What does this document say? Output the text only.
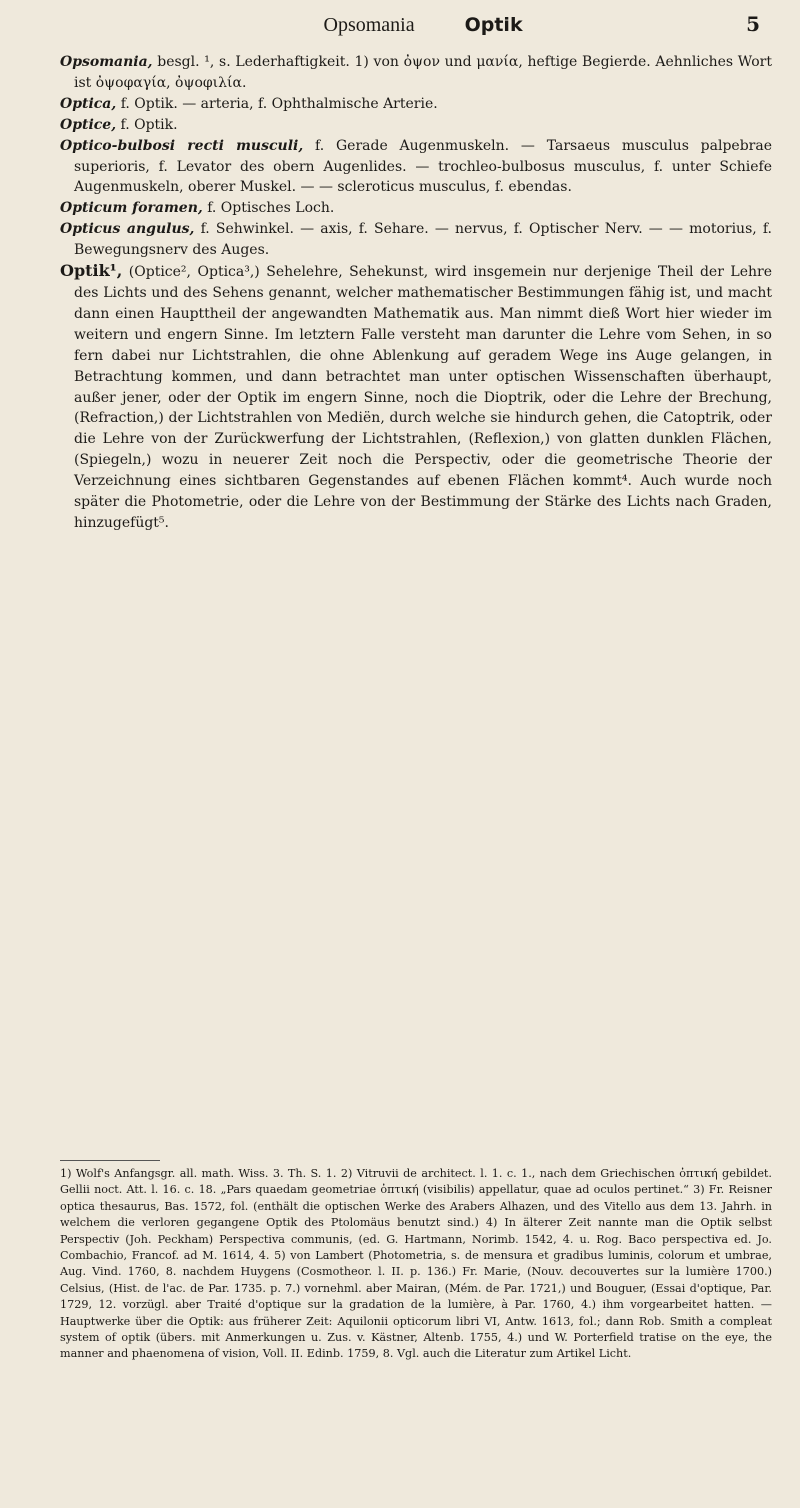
Opsomania	Optik	5

Opsomania, besgl. ¹, s. Lederhaftigkeit. 1) von ὀψον und μανία, heftige Begierde. Aehnliches Wort ist ὀψοφαγία, ὀψοφιλία.

Optica, f. Optik. — arteria, f. Ophthalmische Arterie.

Optice, f. Optik.

Optico-bulbosi recti musculi, f. Gerade Augenmuskeln. — Tarsaeus musculus palpebrae superioris, f. Levator des obern Augenlides. — trochleo-bulbosus musculus, f. unter Schiefe Augenmuskeln, oberer Muskel. — — scleroticus musculus, f. ebendas.

Opticum foramen, f. Optisches Loch.

Opticus angulus, f. Sehwinkel. — axis, f. Sehare. — nervus, f. Optischer Nerv. — — motorius, f. Bewegungsnerv des Auges.

Optik¹, (Optice², Optica³,) Sehelehre, Sehekunst, wird insgemein nur derjenige Theil der Lehre des Lichts und des Sehens genannt, welcher mathematischer Bestimmungen fähig ist, und macht dann einen Haupttheil der angewandten Mathematik aus. Man nimmt dieß Wort hier wieder im weitern und engern Sinne. Im letztern Falle versteht man darunter die Lehre vom Sehen, in so fern dabei nur Lichtstrahlen, die ohne Ablenkung auf geradem Wege ins Auge gelangen, in Betrachtung kommen, und dann betrachtet man unter optischen Wissenschaften überhaupt, außer jener, oder der Optik im engern Sinne, noch die Dioptrik, oder die Lehre der Brechung, (Refraction,) der Lichtstrahlen von Mediën, durch welche sie hindurch gehen, die Catoptrik, oder die Lehre von der Zurückwerfung der Lichtstrahlen, (Reflexion,) von glatten dunklen Flächen, (Spiegeln,) wozu in neuerer Zeit noch die Perspectiv, oder die geometrische Theorie der Verzeichnung eines sichtbaren Gegenstandes auf ebenen Flächen kommt⁴. Auch wurde noch später die Photometrie, oder die Lehre von der Bestimmung der Stärke des Lichts nach Graden, hinzugefügt⁵.

1) Wolf's Anfangsgr. all. math. Wiss. 3. Th. S. 1. 2) Vitruvii de architect. l. 1. c. 1., nach dem Griechischen ὀπτική gebildet. Gellii noct. Att. l. 16. c. 18. „Pars quaedam geometriae ὀπτική (visibilis) appellatur, quae ad oculos pertinet.“ 3) Fr. Reisner optica thesaurus, Bas. 1572, fol. (enthält die optischen Werke des Arabers Alhazen, und des Vitello aus dem 13. Jahrh. in welchem die verloren gegangene Optik des Ptolomäus benutzt sind.) 4) In älterer Zeit nannte man die Optik selbst Perspectiv (Joh. Peckham) Perspectiva communis, (ed. G. Hartmann, Norimb. 1542, 4. u. Rog. Baco perspectiva ed. Jo. Combachio, Francof. ad M. 1614, 4. 5) von Lambert (Photometria, s. de mensura et gradibus luminis, colorum et umbrae, Aug. Vind. 1760, 8. nachdem Huygens (Cosmotheor. l. II. p. 136.) Fr. Marie, (Nouv. decouvertes sur la lumière 1700.) Celsius, (Hist. de l'ac. de Par. 1735. p. 7.) vornehml. aber Mairan, (Mém. de Par. 1721,) und Bouguer, (Essai d'optique, Par. 1729, 12. vorzügl. aber Traité d'optique sur la gradation de la lumière, à Par. 1760, 4.) ihm vorgearbeitet hatten. — Hauptwerke über die Optik: aus früherer Zeit: Aquilonii opticorum libri VI, Antw. 1613, fol.; dann Rob. Smith a compleat system of optik (übers. mit Anmerkungen u. Zus. v. Kästner, Altenb. 1755, 4.) und W. Porterfield tratise on the eye, the manner and phaenomena of vision, Voll. II. Edinb. 1759, 8. Vgl. auch die Literatur zum Artikel Licht.
